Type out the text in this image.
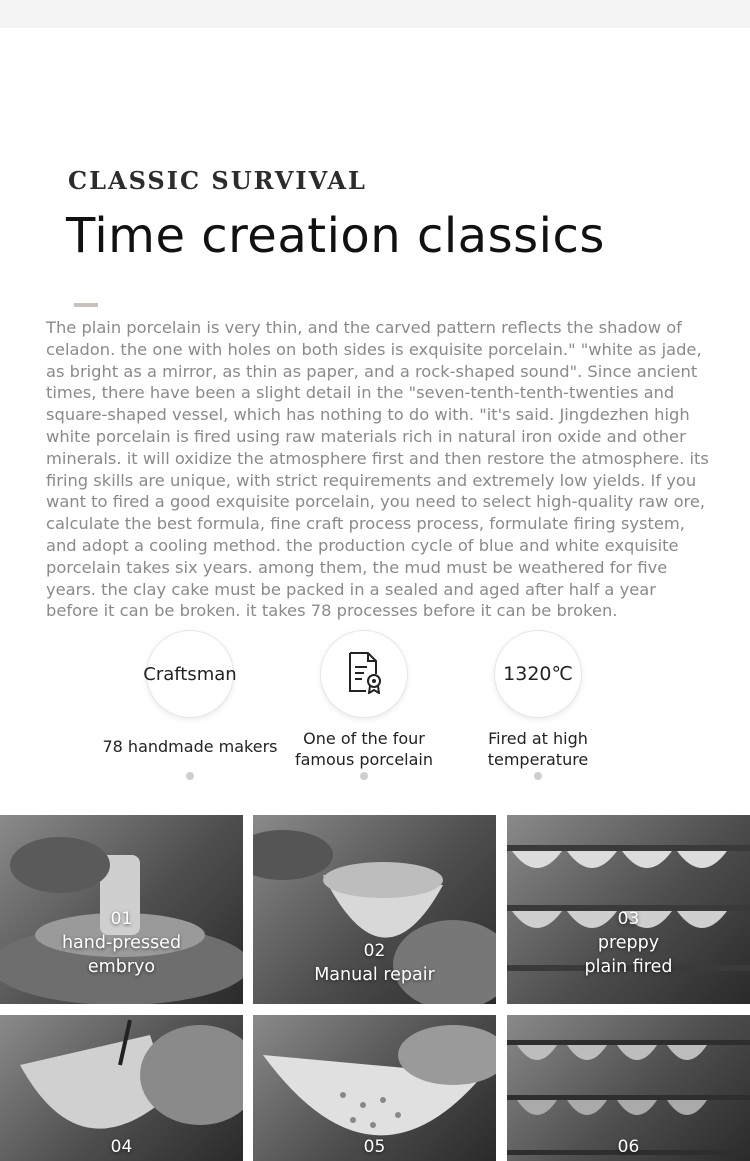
CLASSIC SURVIVAL
Time creation classics

The plain porcelain is very thin, and the carved pattern reflects the shadow of celadon. the one with holes on both sides is exquisite porcelain." "white as jade, as bright as a mirror, as thin as paper, and a rock-shaped sound". Since ancient times, there have been a slight detail in the "seven-tenth-tenth-twenties and square-shaped vessel, which has nothing to do with. "it's said. Jingdezhen high white porcelain is fired using raw materials rich in natural iron oxide and other minerals. it will oxidize the atmosphere first and then restore the atmosphere. its firing skills are unique, with strict requirements and extremely low yields. If you want to fired a good exquisite porcelain, you need to select high-quality raw ore, calculate the best formula, fine craft process process, formulate firing system, and adopt a cooling method. the production cycle of blue and white exquisite porcelain takes six years. among them, the mud must be weathered for five years. the clay cake must be packed in a sealed and aged after half a year before it can be broken. it takes 78 processes before it can be broken.

Craftsman
78 handmade makers	One of the four
famous porcelain
1320℃
Fired at high
temperature
01
hand-pressed
embryo
02
Manual repair
03
preppy
plain fired
04	05	06
